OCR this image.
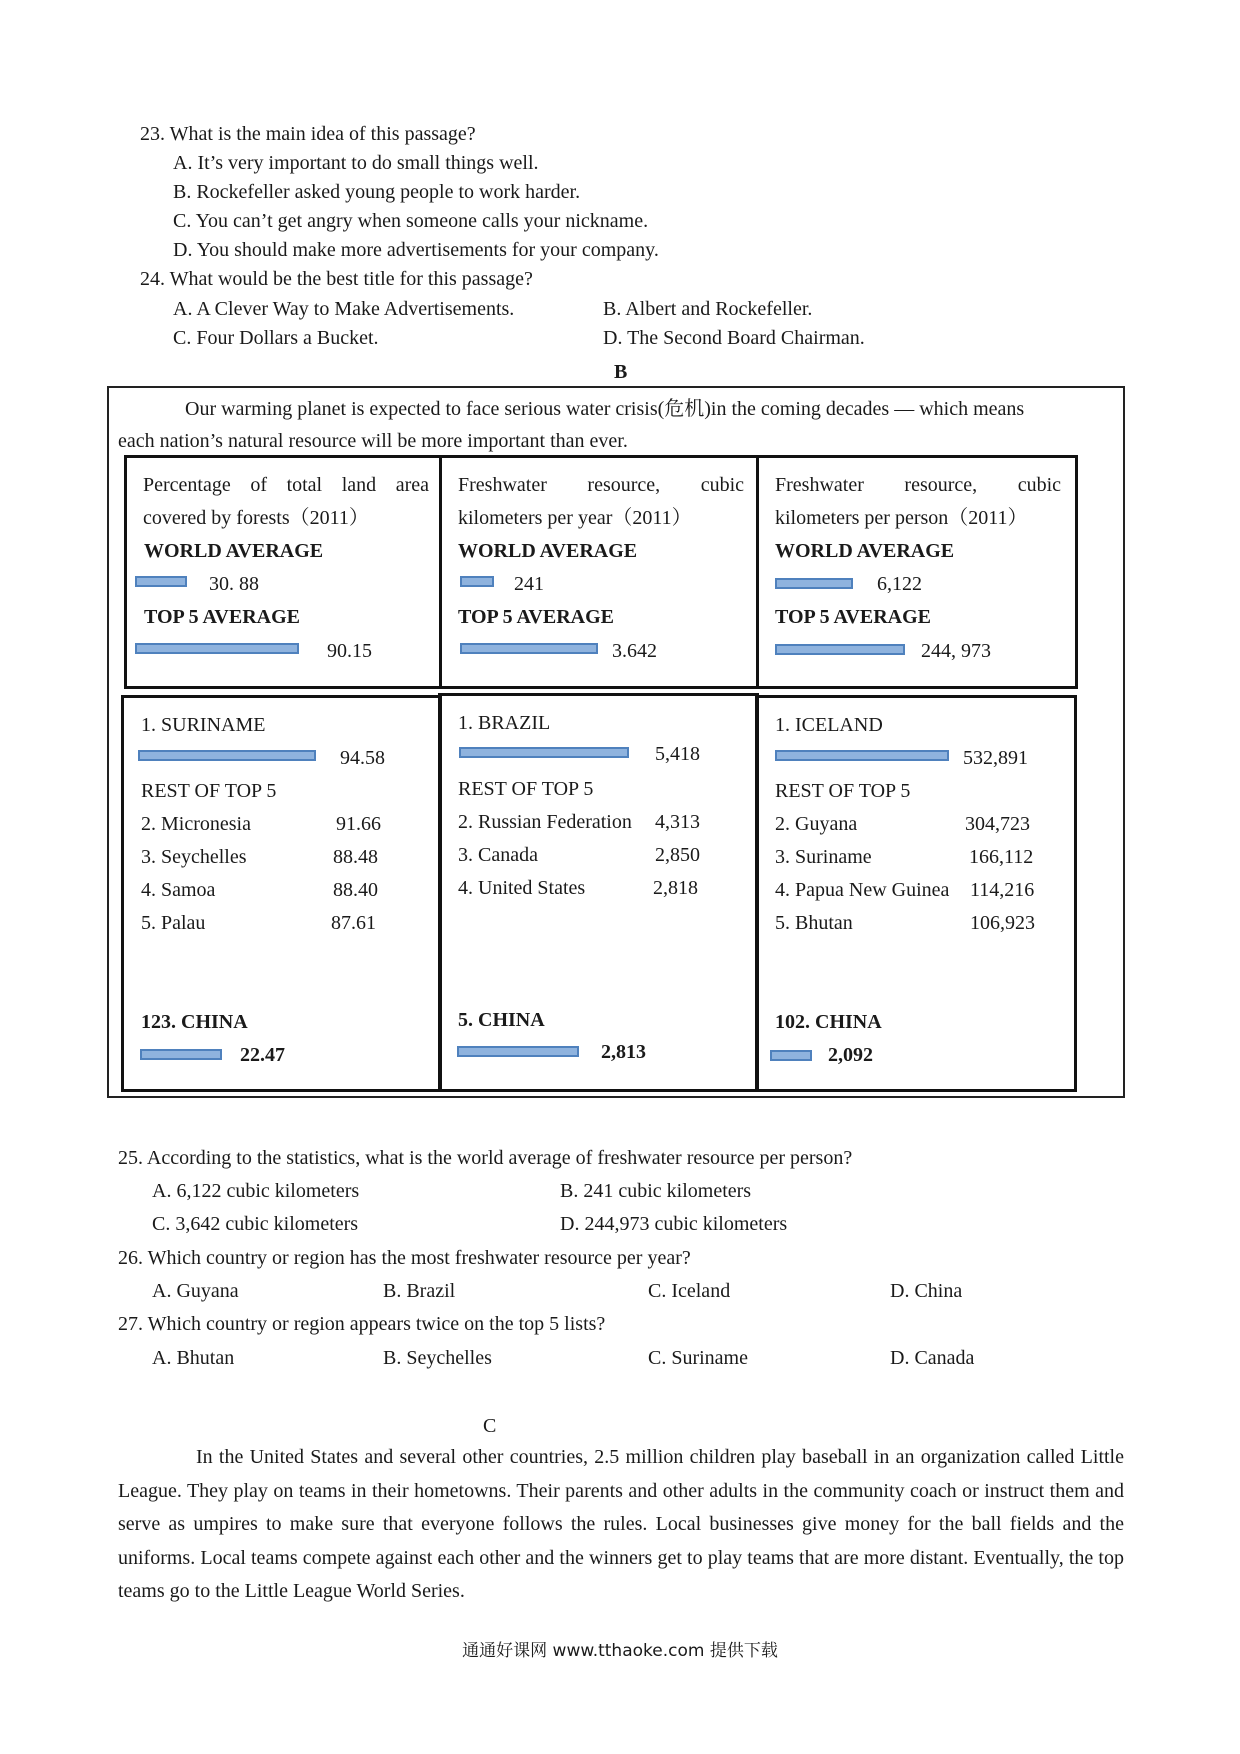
23. What is the main idea of this passage?
A. It’s very important to do small things well.
B. Rockefeller asked young people to work harder.
C. You can’t get angry when someone calls your nickname.
D. You should make more advertisements for your company.
24. What would be the best title for this passage?
A. A Clever Way to Make Advertisements.	B. Albert and Rockefeller.
C. Four Dollars a Bucket.	D. The Second Board Chairman.
B
Our warming planet is expected to face serious water crisis(危机)in the coming decades — which means
each nation’s natural resource will be more important than ever.
Percentage of total land area
covered by forests（2011）
WORLD AVERAGE
30. 88
TOP 5 AVERAGE
90.15
Freshwater resource, cubic
kilometers per year（2011）
WORLD AVERAGE
241
TOP 5 AVERAGE
3.642
Freshwater resource, cubic
kilometers per person（2011）
WORLD AVERAGE
6,122
TOP 5 AVERAGE
244, 973
1. SURINAME
94.58
REST OF TOP 5
2. Micronesia	91.66
3. Seychelles	88.48
4. Samoa	88.40
5. Palau	87.61
123. CHINA
22.47
1. BRAZIL
5,418
REST OF TOP 5
2. Russian Federation 4,313
3. Canada	2,850
4. United States	2,818
5. CHINA
2,813
1. ICELAND
532,891
REST OF TOP 5
2. Guyana	304,723
3. Suriname	166,112
4. Papua New Guinea 114,216
5. Bhutan	106,923
102. CHINA
2,092
25. According to the statistics, what is the world average of freshwater resource per person?
A. 6,122 cubic kilometers	B. 241 cubic kilometers
C. 3,642 cubic kilometers	D. 244,973 cubic kilometers
26. Which country or region has the most freshwater resource per year?
A. Guyana	B. Brazil	C. Iceland	D. China
27. Which country or region appears twice on the top 5 lists?
A. Bhutan	B. Seychelles	C. Suriname	D. Canada
C

In the United States and several other countries, 2.5 million children play baseball in an organization called Little League. They play on teams in their hometowns. Their parents and other adults in the community coach or instruct them and serve as umpires to make sure that everyone follows the rules. Local businesses give money for the ball fields and the uniforms. Local teams compete against each other and the winners get to play teams that are more distant. Eventually, the top teams go to the Little League World Series.

通通好课网 www.tthaoke.com 提供下载
